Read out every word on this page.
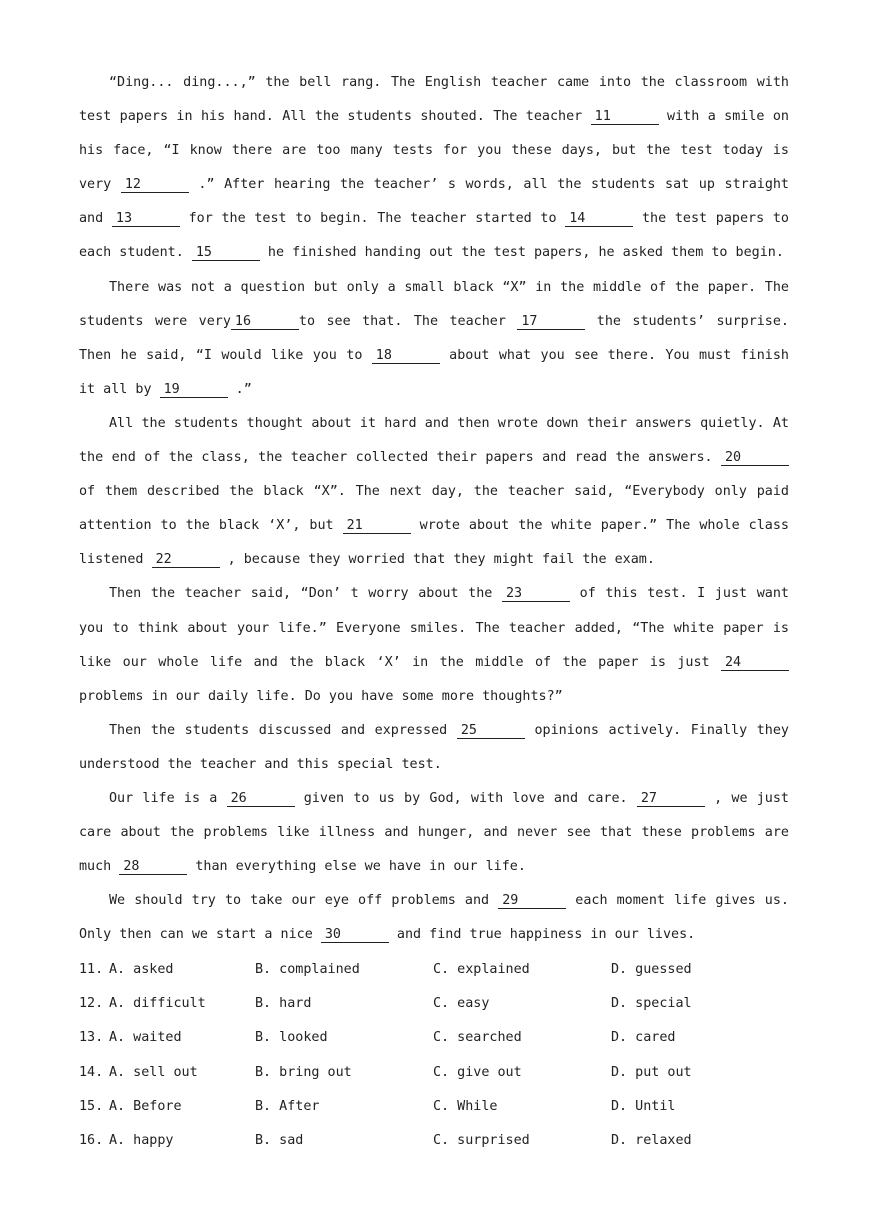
“Ding... ding...,” the bell rang. The English teacher came into the classroom with test papers in his hand. All the students shouted. The teacher 11	with a smile on his face, “I know there are too many tests for you these days, but the test today is very 12	.” After hearing the teacher’ s words, all the students sat up straight and 13	for the test to begin. The teacher started to 14	the test papers to each student. 15	he finished handing out the test papers, he asked them to begin.

There was not a question but only a small black “X” in the middle of the paper. The students were very 16	to see that. The teacher 17	the students’ surprise. Then he said, “I would like you to 18	about what you see there. You must finish it all by 19	.”

All the students thought about it hard and then wrote down their answers quietly. At the end of the class, the teacher collected their papers and read the answers. 20 of them described the black “X”. The next day, the teacher said, “Everybody only paid attention to the black ‘X’, but 21	wrote about the white paper.” The whole class listened 22	, because they worried that they might fail the exam.

Then the teacher said, “Don’ t worry about the 23	of this test. I just want you to think about your life.” Everyone smiles. The teacher added, “The white paper is like our whole life and the black ‘X’ in the middle of the paper is just 24 problems in our daily life. Do you have some more thoughts?”

Then the students discussed and expressed 25	opinions actively. Finally they understood the teacher and this special test.

Our life is a 26	given to us by God, with love and care. 27	, we just care about the problems like illness and hunger, and never see that these problems are much 28	than everything else we have in our life.

We should try to take our eye off problems and 29	each moment life gives us. Only then can we start a nice 30	and find true happiness in our lives.

11. A. asked	B. complained	C. explained	D. guessed
12. A. difficult	B. hard	C. easy	D. special
13. A. waited	B. looked	C. searched	D. cared
14. A. sell out	B. bring out	C. give out	D. put out
15. A. Before	B. After	C. While	D. Until
16. A. happy	B. sad	C. surprised	D. relaxed
